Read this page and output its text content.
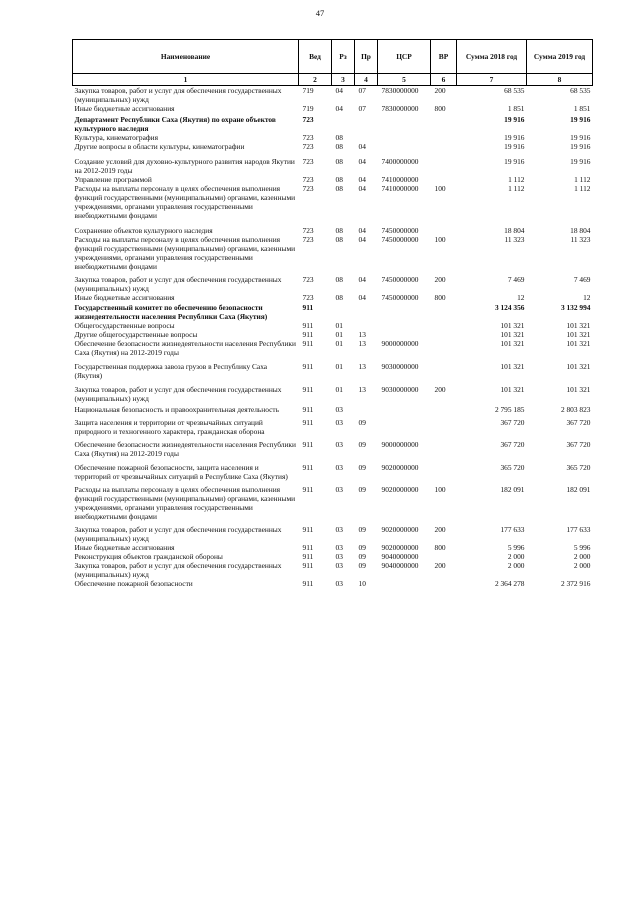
47
Наименование	Вед	Рз	Пр	ЦСР	ВР	Сумма 2018 год	Сумма 2019 год
1	2	3	4	5	6	7	8
Закупка товаров, работ и услуг для обеспечения государственных (муниципальных) нужд	719	04	07	7830000000	200	68 535	68 535
Иные бюджетные ассигнования	719	04	07	7830000000	800	1 851	1 851
Департамент Республики Саха (Якутия) по охране объектов культурного наследия	723					19 916	19 916
Культура, кинематография	723	08				19 916	19 916
Другие вопросы в области культуры, кинематографии	723	08	04			19 916	19 916
Создание условий для духовно-культурного развития народов Якутии на 2012-2019 годы	723	08	04	7400000000		19 916	19 916
Управление программой	723	08	04	7410000000		1 112	1 112
Расходы на выплаты персоналу в целях обеспечения выполнения функций государственными (муниципальными) органами, казенными учреждениями, органами управления государственными внебюджетными фондами	723	08	04	7410000000	100	1 112	1 112
Сохранение объектов культурного наследия	723	08	04	7450000000		18 804	18 804
Расходы на выплаты персоналу в целях обеспечения выполнения функций государственными (муниципальными) органами, казенными учреждениями, органами управления государственными внебюджетными фондами	723	08	04	7450000000	100	11 323	11 323
Закупка товаров, работ и услуг для обеспечения государственных (муниципальных) нужд	723	08	04	7450000000	200	7 469	7 469
Иные бюджетные ассигнования	723	08	04	7450000000	800	12	12
Государственный комитет по обеспечению безопасности жизнедеятельности населения Республики Саха (Якутия)	911					3 124 356	3 132 994
Общегосударственные вопросы	911	01				101 321	101 321
Другие общегосударственные вопросы	911	01	13			101 321	101 321
Обеспечение безопасности жизнедеятельности населения Республики Саха (Якутия) на 2012-2019 годы	911	01	13	9000000000		101 321	101 321
Государственная поддержка завоза грузов в Республику Саха (Якутия)	911	01	13	9030000000		101 321	101 321
Закупка товаров, работ и услуг для обеспечения государственных (муниципальных) нужд	911	01	13	9030000000	200	101 321	101 321
Национальная безопасность и правоохранительная деятельность	911	03				2 795 185	2 803 823
Защита населения и территории от чрезвычайных ситуаций природного и техногенного характера, гражданская оборона	911	03	09			367 720	367 720
Обеспечение безопасности жизнедеятельности населения Республики Саха (Якутия) на 2012-2019 годы	911	03	09	9000000000		367 720	367 720
Обеспечение пожарной безопасности, защита населения и территорий от чрезвычайных ситуаций в Республике Саха (Якутия)	911	03	09	9020000000		365 720	365 720
Расходы на выплаты персоналу в целях обеспечения выполнения функций государственными (муниципальными) органами, казенными учреждениями, органами управления государственными внебюджетными фондами	911	03	09	9020000000	100	182 091	182 091
Закупка товаров, работ и услуг для обеспечения государственных (муниципальных) нужд	911	03	09	9020000000	200	177 633	177 633
Иные бюджетные ассигнования	911	03	09	9020000000	800	5 996	5 996
Реконструкция объектов гражданской обороны	911	03	09	9040000000		2 000	2 000
Закупка товаров, работ и услуг для обеспечения государственных (муниципальных) нужд	911	03	09	9040000000	200	2 000	2 000
Обеспечение пожарной безопасности	911	03	10			2 364 278	2 372 916
